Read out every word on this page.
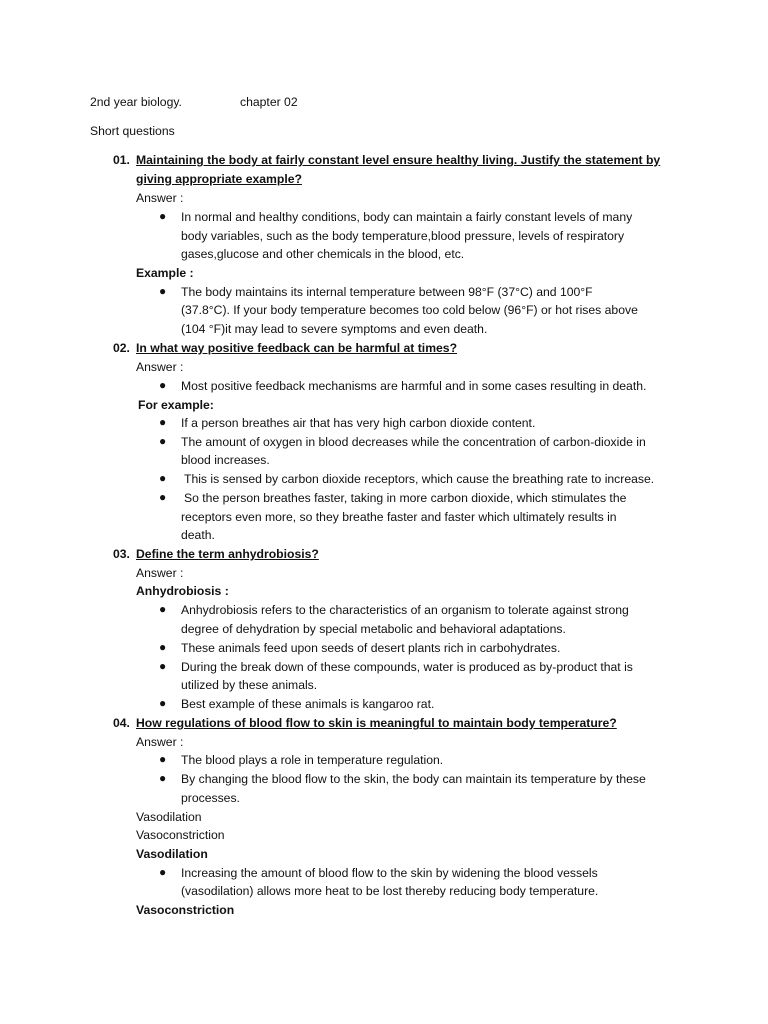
2nd year biology.	chapter 02
Short questions
01. Maintaining the body at fairly constant level ensure healthy living. Justify the statement by
giving appropriate example?
Answer :
● In normal and healthy conditions, body can maintain a fairly constant levels of many
body variables, such as the body temperature,blood pressure, levels of respiratory
gases,glucose and other chemicals in the blood, etc.
Example :
● The body maintains its internal temperature between 98°F (37°C) and 100°F
(37.8°C). If your body temperature becomes too cold below (96°F) or hot rises above
(104 °F)it may lead to severe symptoms and even death.
02. In what way positive feedback can be harmful at times?
Answer :
● Most positive feedback mechanisms are harmful and in some cases resulting in death.
For example:
● If a person breathes air that has very high carbon dioxide content.
● The amount of oxygen in blood decreases while the concentration of carbon-dioxide in
blood increases.
● This is sensed by carbon dioxide receptors, which cause the breathing rate to increase.
● So the person breathes faster, taking in more carbon dioxide, which stimulates the
receptors even more, so they breathe faster and faster which ultimately results in
death.
03. Define the term anhydrobiosis?
Answer :
Anhydrobiosis :
● Anhydrobiosis refers to the characteristics of an organism to tolerate against strong
degree of dehydration by special metabolic and behavioral adaptations.
● These animals feed upon seeds of desert plants rich in carbohydrates.
● During the break down of these compounds, water is produced as by-product that is
utilized by these animals.
● Best example of these animals is kangaroo rat.
04. How regulations of blood flow to skin is meaningful to maintain body temperature?
Answer :
● The blood plays a role in temperature regulation.
● By changing the blood flow to the skin, the body can maintain its temperature by these
processes.
Vasodilation
Vasoconstriction
Vasodilation
● Increasing the amount of blood flow to the skin by widening the blood vessels
(vasodilation) allows more heat to be lost thereby reducing body temperature.
Vasoconstriction
